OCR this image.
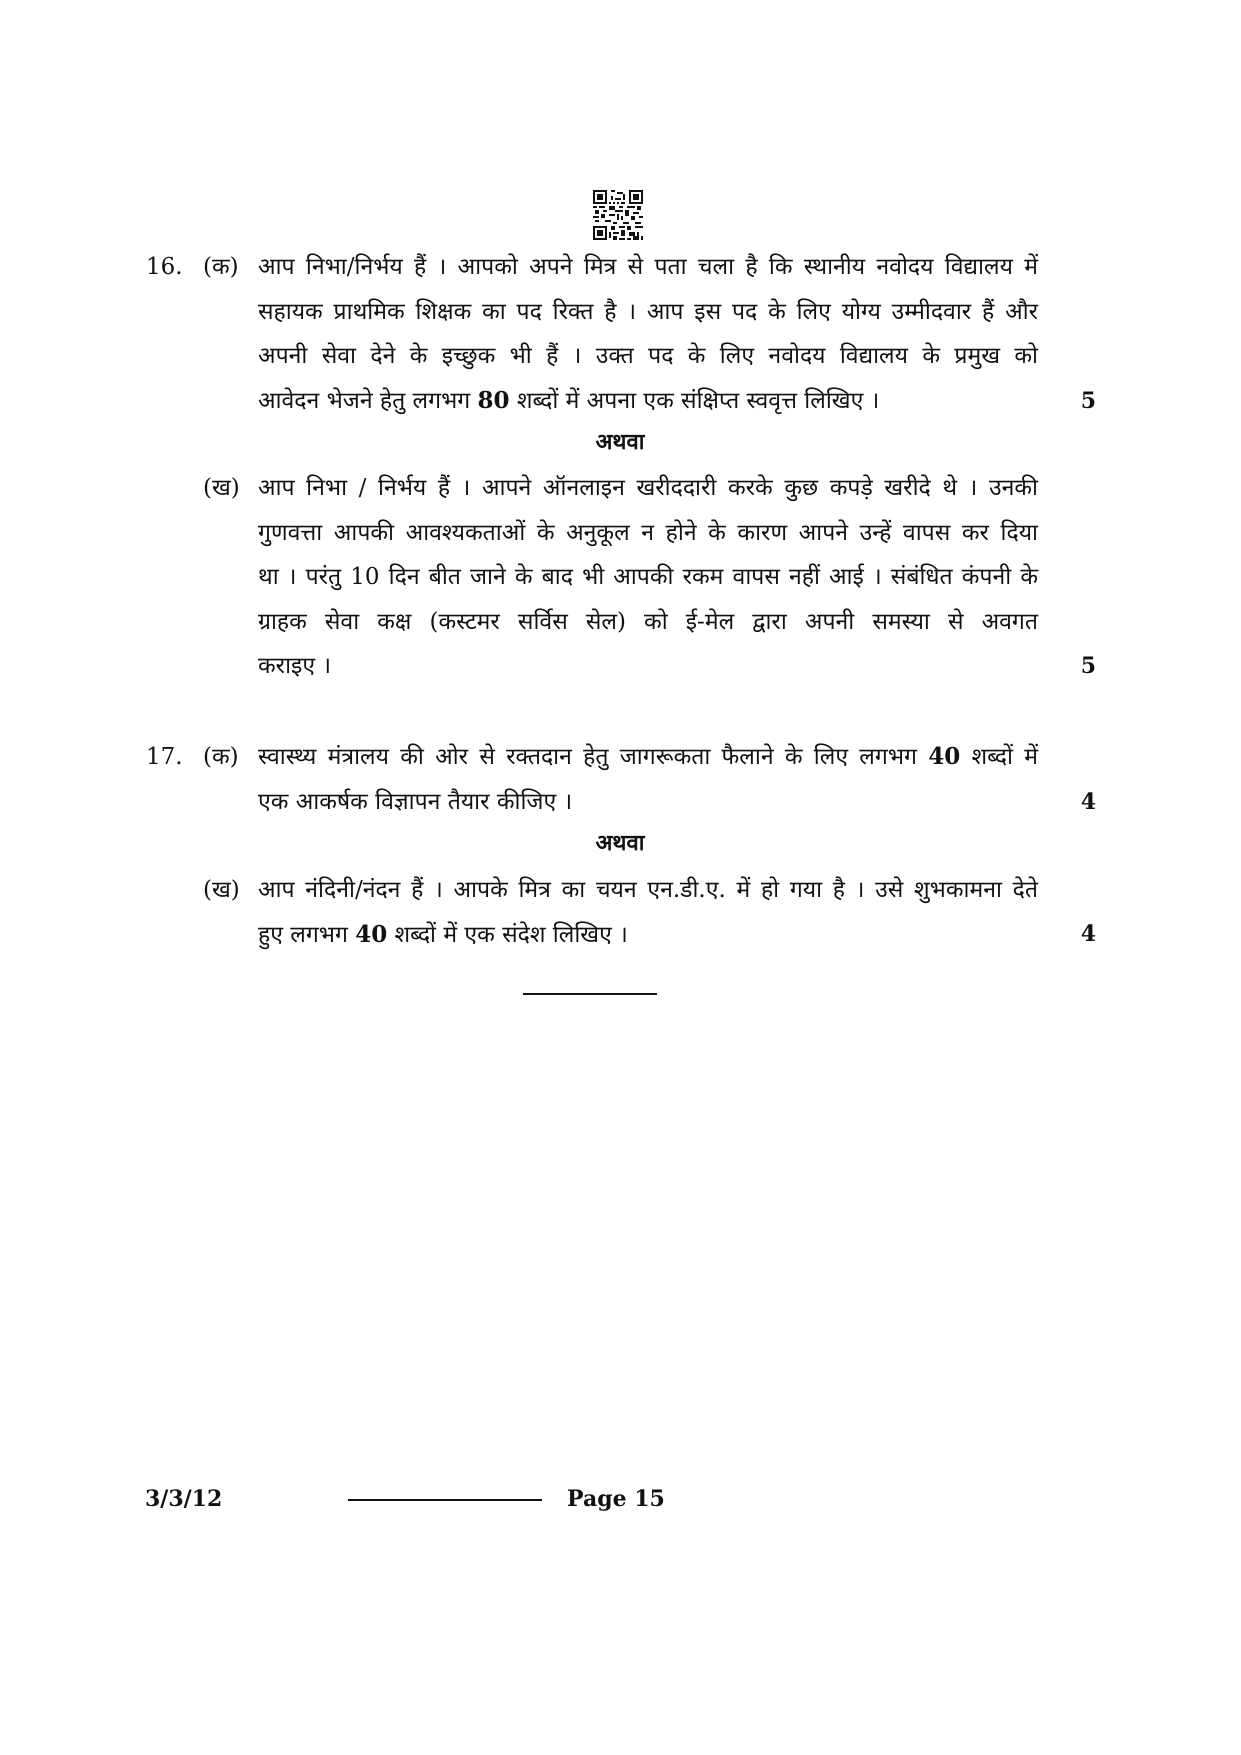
16. (क) आप निभा/निर्भय हैं । आपको अपने मित्र से पता चला है कि स्थानीय नवोदय विद्यालय में
सहायक प्राथमिक शिक्षक का पद रिक्त है । आप इस पद के लिए योग्य उम्मीदवार हैं और
अपनी सेवा देने के इच्छुक भी हैं । उक्त पद के लिए नवोदय विद्यालय के प्रमुख को
आवेदन भेजने हेतु लगभग 80 शब्दों में अपना एक संक्षिप्त स्ववृत्त लिखिए ।	5
अथवा
(ख) आप निभा / निर्भय हैं । आपने ऑनलाइन खरीददारी करके कुछ कपड़े खरीदे थे । उनकी
गुणवत्ता आपकी आवश्यकताओं के अनुकूल न होने के कारण आपने उन्हें वापस कर दिया
था । परंतु 10 दिन बीत जाने के बाद भी आपकी रकम वापस नहीं आई । संबंधित कंपनी के
ग्राहक सेवा कक्ष (कस्टमर सर्विस सेल) को ई-मेल द्वारा अपनी समस्या से अवगत
कराइए ।	5
17. (क) स्वास्थ्य मंत्रालय की ओर से रक्तदान हेतु जागरूकता फैलाने के लिए लगभग 40 शब्दों में
एक आकर्षक विज्ञापन तैयार कीजिए ।	4
अथवा
(ख) आप नंदिनी/नंदन हैं । आपके मित्र का चयन एन.डी.ए. में हो गया है । उसे शुभकामना देते
हुए लगभग 40 शब्दों में एक संदेश लिखिए ।	4
3/3/12	Page 15
